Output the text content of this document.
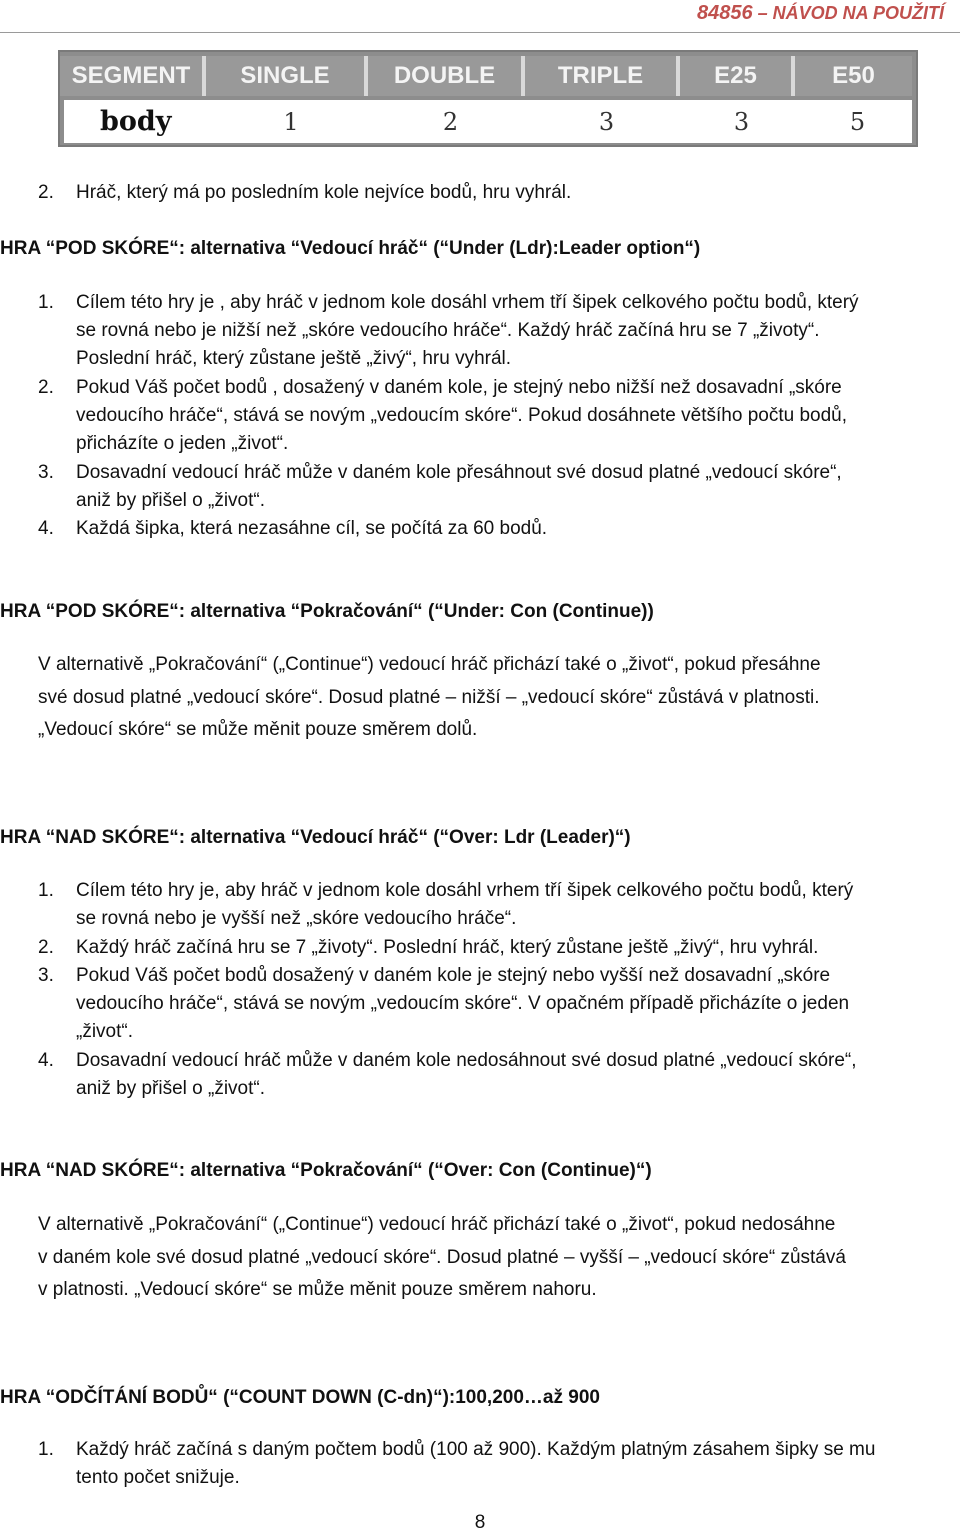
84856 – NÁVOD NA POUŽITÍ
SEGMENT	SINGLE	DOUBLE	TRIPLE	E25	E50
body	1	2	3	3	5
2. Hráč, který má po posledním kole nejvíce bodů, hru vyhrál.
HRA “POD SKÓRE“: alternativa “Vedoucí hráč“ (“Under (Ldr):Leader option“)
1. Cílem této hry je , aby hráč v jednom kole dosáhl vrhem tří šipek celkového počtu bodů, který
se rovná nebo je nižší než „skóre vedoucího hráče“. Každý hráč začíná hru se 7 „životy“.
Poslední hráč, který zůstane ještě „živý“, hru vyhrál.
2. Pokud Váš počet bodů , dosažený v daném kole, je stejný nebo nižší než dosavadní „skóre
vedoucího hráče“, stává se novým „vedoucím skóre“. Pokud dosáhnete většího počtu bodů,
přicházíte o jeden „život“.
3. Dosavadní vedoucí hráč může v daném kole přesáhnout své dosud platné „vedoucí skóre“,
aniž by přišel o „život“.
4. Každá šipka, která nezasáhne cíl, se počítá za 60 bodů.
HRA “POD SKÓRE“: alternativa “Pokračování“ (“Under: Con (Continue))
V alternativě „Pokračování“ („Continue“) vedoucí hráč přichází také o „život“, pokud přesáhne
své dosud platné „vedoucí skóre“. Dosud platné – nižší – „vedoucí skóre“ zůstává v platnosti.
„Vedoucí skóre“ se může měnit pouze směrem dolů.
HRA “NAD SKÓRE“: alternativa “Vedoucí hráč“ (“Over: Ldr (Leader)“)
1. Cílem této hry je, aby hráč v jednom kole dosáhl vrhem tří šipek celkového počtu bodů, který
se rovná nebo je vyšší než „skóre vedoucího hráče“.
2. Každý hráč začíná hru se 7 „životy“. Poslední hráč, který zůstane ještě „živý“, hru vyhrál.
3. Pokud Váš počet bodů dosažený v daném kole je stejný nebo vyšší než dosavadní „skóre
vedoucího hráče“, stává se novým „vedoucím skóre“. V opačném případě přicházíte o jeden
„život“.
4. Dosavadní vedoucí hráč může v daném kole nedosáhnout své dosud platné „vedoucí skóre“,
aniž by přišel o „život“.
HRA “NAD SKÓRE“: alternativa “Pokračování“ (“Over: Con (Continue)“)
V alternativě „Pokračování“ („Continue“) vedoucí hráč přichází také o „život“, pokud nedosáhne
v daném kole své dosud platné „vedoucí skóre“. Dosud platné – vyšší – „vedoucí skóre“ zůstává
v platnosti. „Vedoucí skóre“ se může měnit pouze směrem nahoru.
HRA “ODČÍTÁNÍ BODŮ“ (“COUNT DOWN (C-dn)“):100,200…až 900
1. Každý hráč začíná s daným počtem bodů (100 až 900). Každým platným zásahem šipky se mu
tento počet snižuje.
8
